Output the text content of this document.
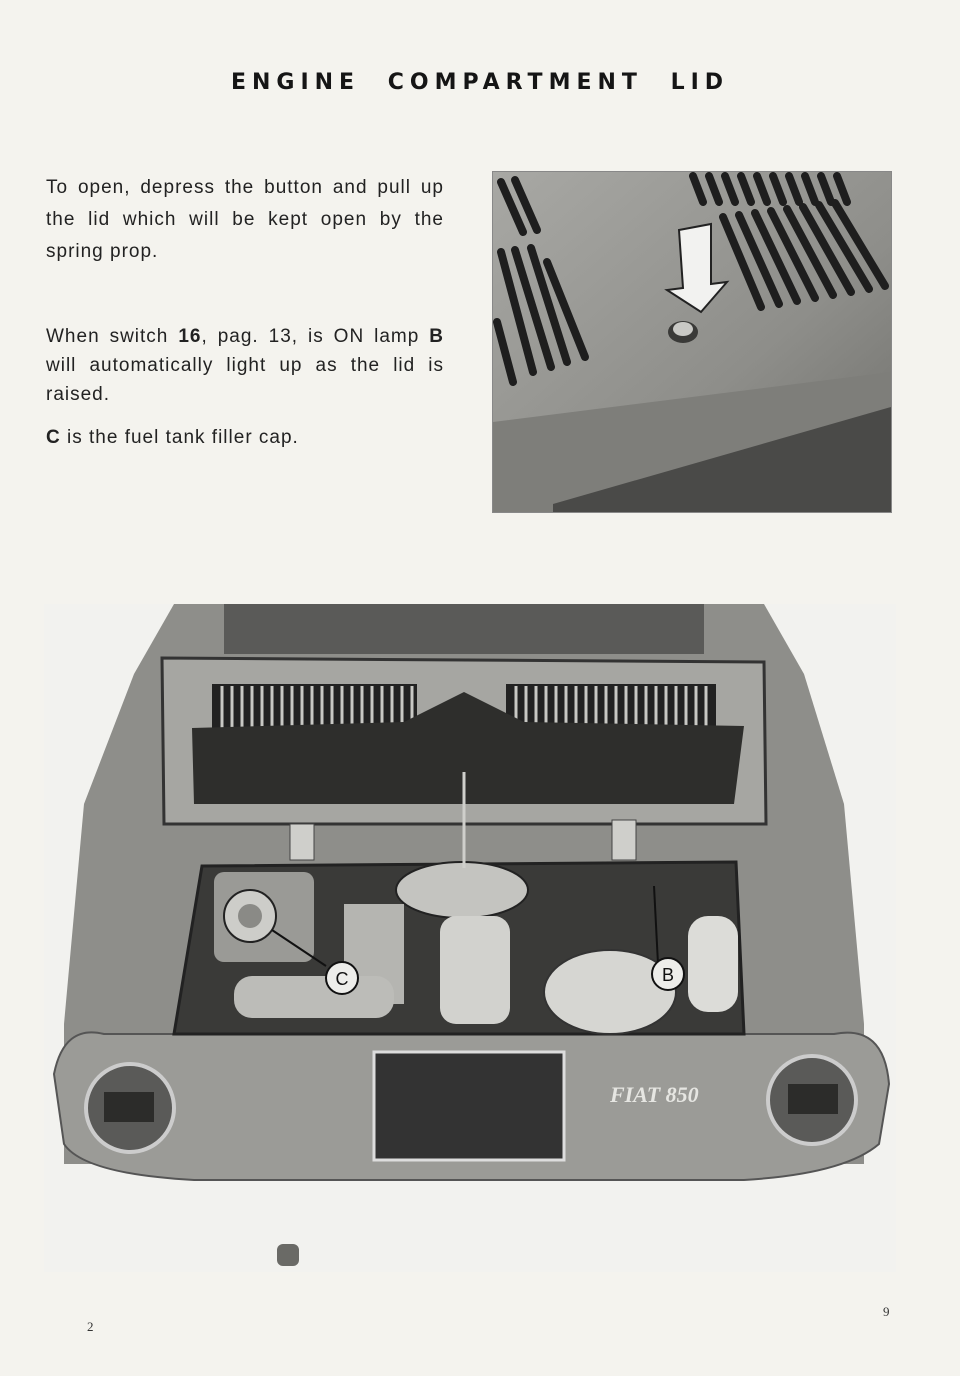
ENGINE COMPARTMENT LID
To open, depress the button and pull up the lid which will be kept open by the spring prop.
When switch 16, pag. 13, is ON lamp B will automatically light up as the lid is raised.
C is the fuel tank filler cap.
C	B
FIAT 850
2
9
